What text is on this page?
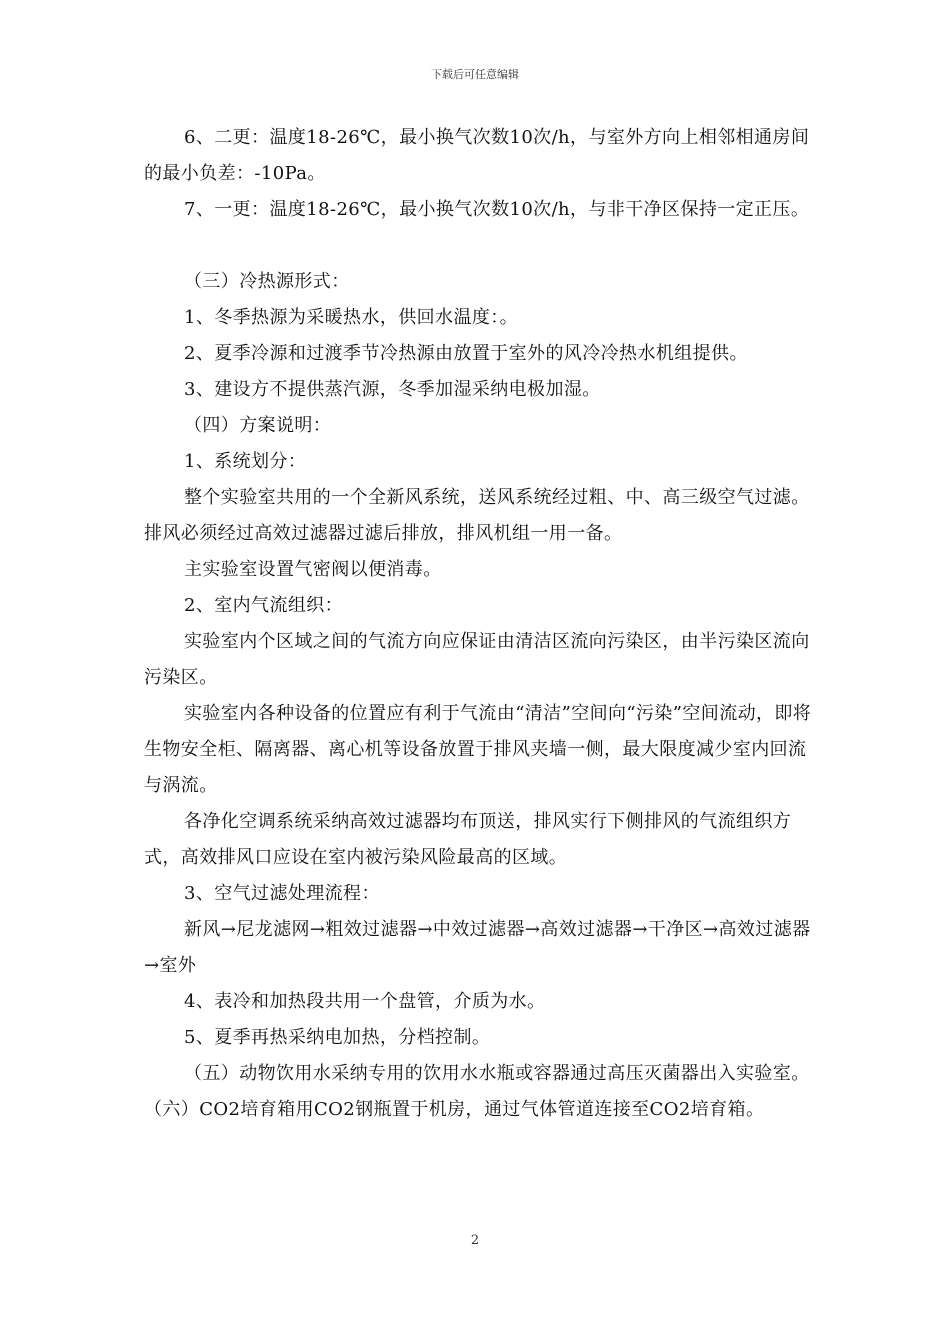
下载后可任意编辑

6、二更：温度18-26℃，最小换气次数10次/h，与室外方向上相邻相通房间的最小负差：-10Pa。

7、一更：温度18-26℃，最小换气次数10次/h，与非干净区保持一定正压。

（三）冷热源形式：

1、冬季热源为采暖热水，供回水温度：。

2、夏季冷源和过渡季节冷热源由放置于室外的风冷冷热水机组提供。

3、建设方不提供蒸汽源，冬季加湿采纳电极加湿。

（四）方案说明：

1、系统划分：

整个实验室共用的一个全新风系统，送风系统经过粗、中、高三级空气过滤。排风必须经过高效过滤器过滤后排放，排风机组一用一备。

主实验室设置气密阀以便消毒。

2、室内气流组织：

实验室内个区域之间的气流方向应保证由清洁区流向污染区，由半污染区流向污染区。

实验室内各种设备的位置应有利于气流由“清洁”空间向“污染”空间流动，即将生物安全柜、隔离器、离心机等设备放置于排风夹墙一侧，最大限度减少室内回流与涡流。

各净化空调系统采纳高效过滤器均布顶送，排风实行下侧排风的气流组织方式，高效排风口应设在室内被污染风险最高的区域。

3、空气过滤处理流程：

新风→尼龙滤网→粗效过滤器→中效过滤器→高效过滤器→干净区→高效过滤器→室外

4、表冷和加热段共用一个盘管，介质为水。

5、夏季再热采纳电加热，分档控制。

（五）动物饮用水采纳专用的饮用水水瓶或容器通过高压灭菌器出入实验室。（六）CO2培育箱用CO2钢瓶置于机房，通过气体管道连接至CO2培育箱。

2
